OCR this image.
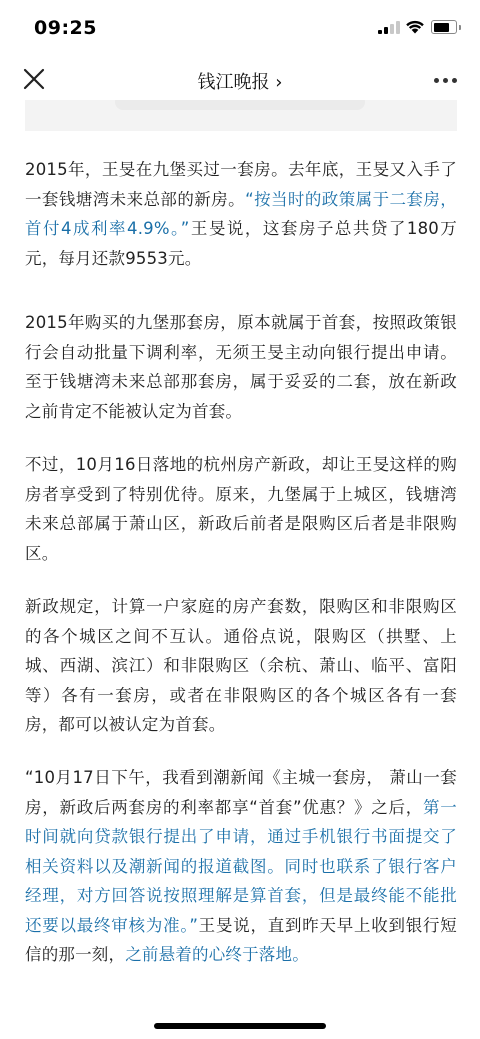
09:25
钱江晚报 ›

2015年，王旻在九堡买过一套房。去年底，王旻又入手了一套钱塘湾未来总部的新房。“按当时的政策属于二套房，首付4成利率4.9%。”王旻说，这套房子总共贷了180万元，每月还款9553元。

2015年购买的九堡那套房，原本就属于首套，按照政策银行会自动批量下调利率，无须王旻主动向银行提出申请。至于钱塘湾未来总部那套房，属于妥妥的二套，放在新政之前肯定不能被认定为首套。

不过，10月16日落地的杭州房产新政，却让王旻这样的购房者享受到了特别优待。原来，九堡属于上城区，钱塘湾未来总部属于萧山区，新政后前者是限购区后者是非限购区。

新政规定，计算一户家庭的房产套数，限购区和非限购区的各个城区之间不互认。通俗点说，限购区（拱墅、上城、西湖、滨江）和非限购区（余杭、萧山、临平、富阳等）各有一套房，或者在非限购区的各个城区各有一套房，都可以被认定为首套。

“10月17日下午，我看到潮新闻《主城一套房， 萧山一套房，新政后两套房的利率都享“首套”优惠？》之后，第一时间就向贷款银行提出了申请，通过手机银行书面提交了相关资料以及潮新闻的报道截图。同时也联系了银行客户经理，对方回答说按照理解是算首套，但是最终能不能批还要以最终审核为准。”王旻说，直到昨天早上收到银行短信的那一刻，之前悬着的心终于落地。
